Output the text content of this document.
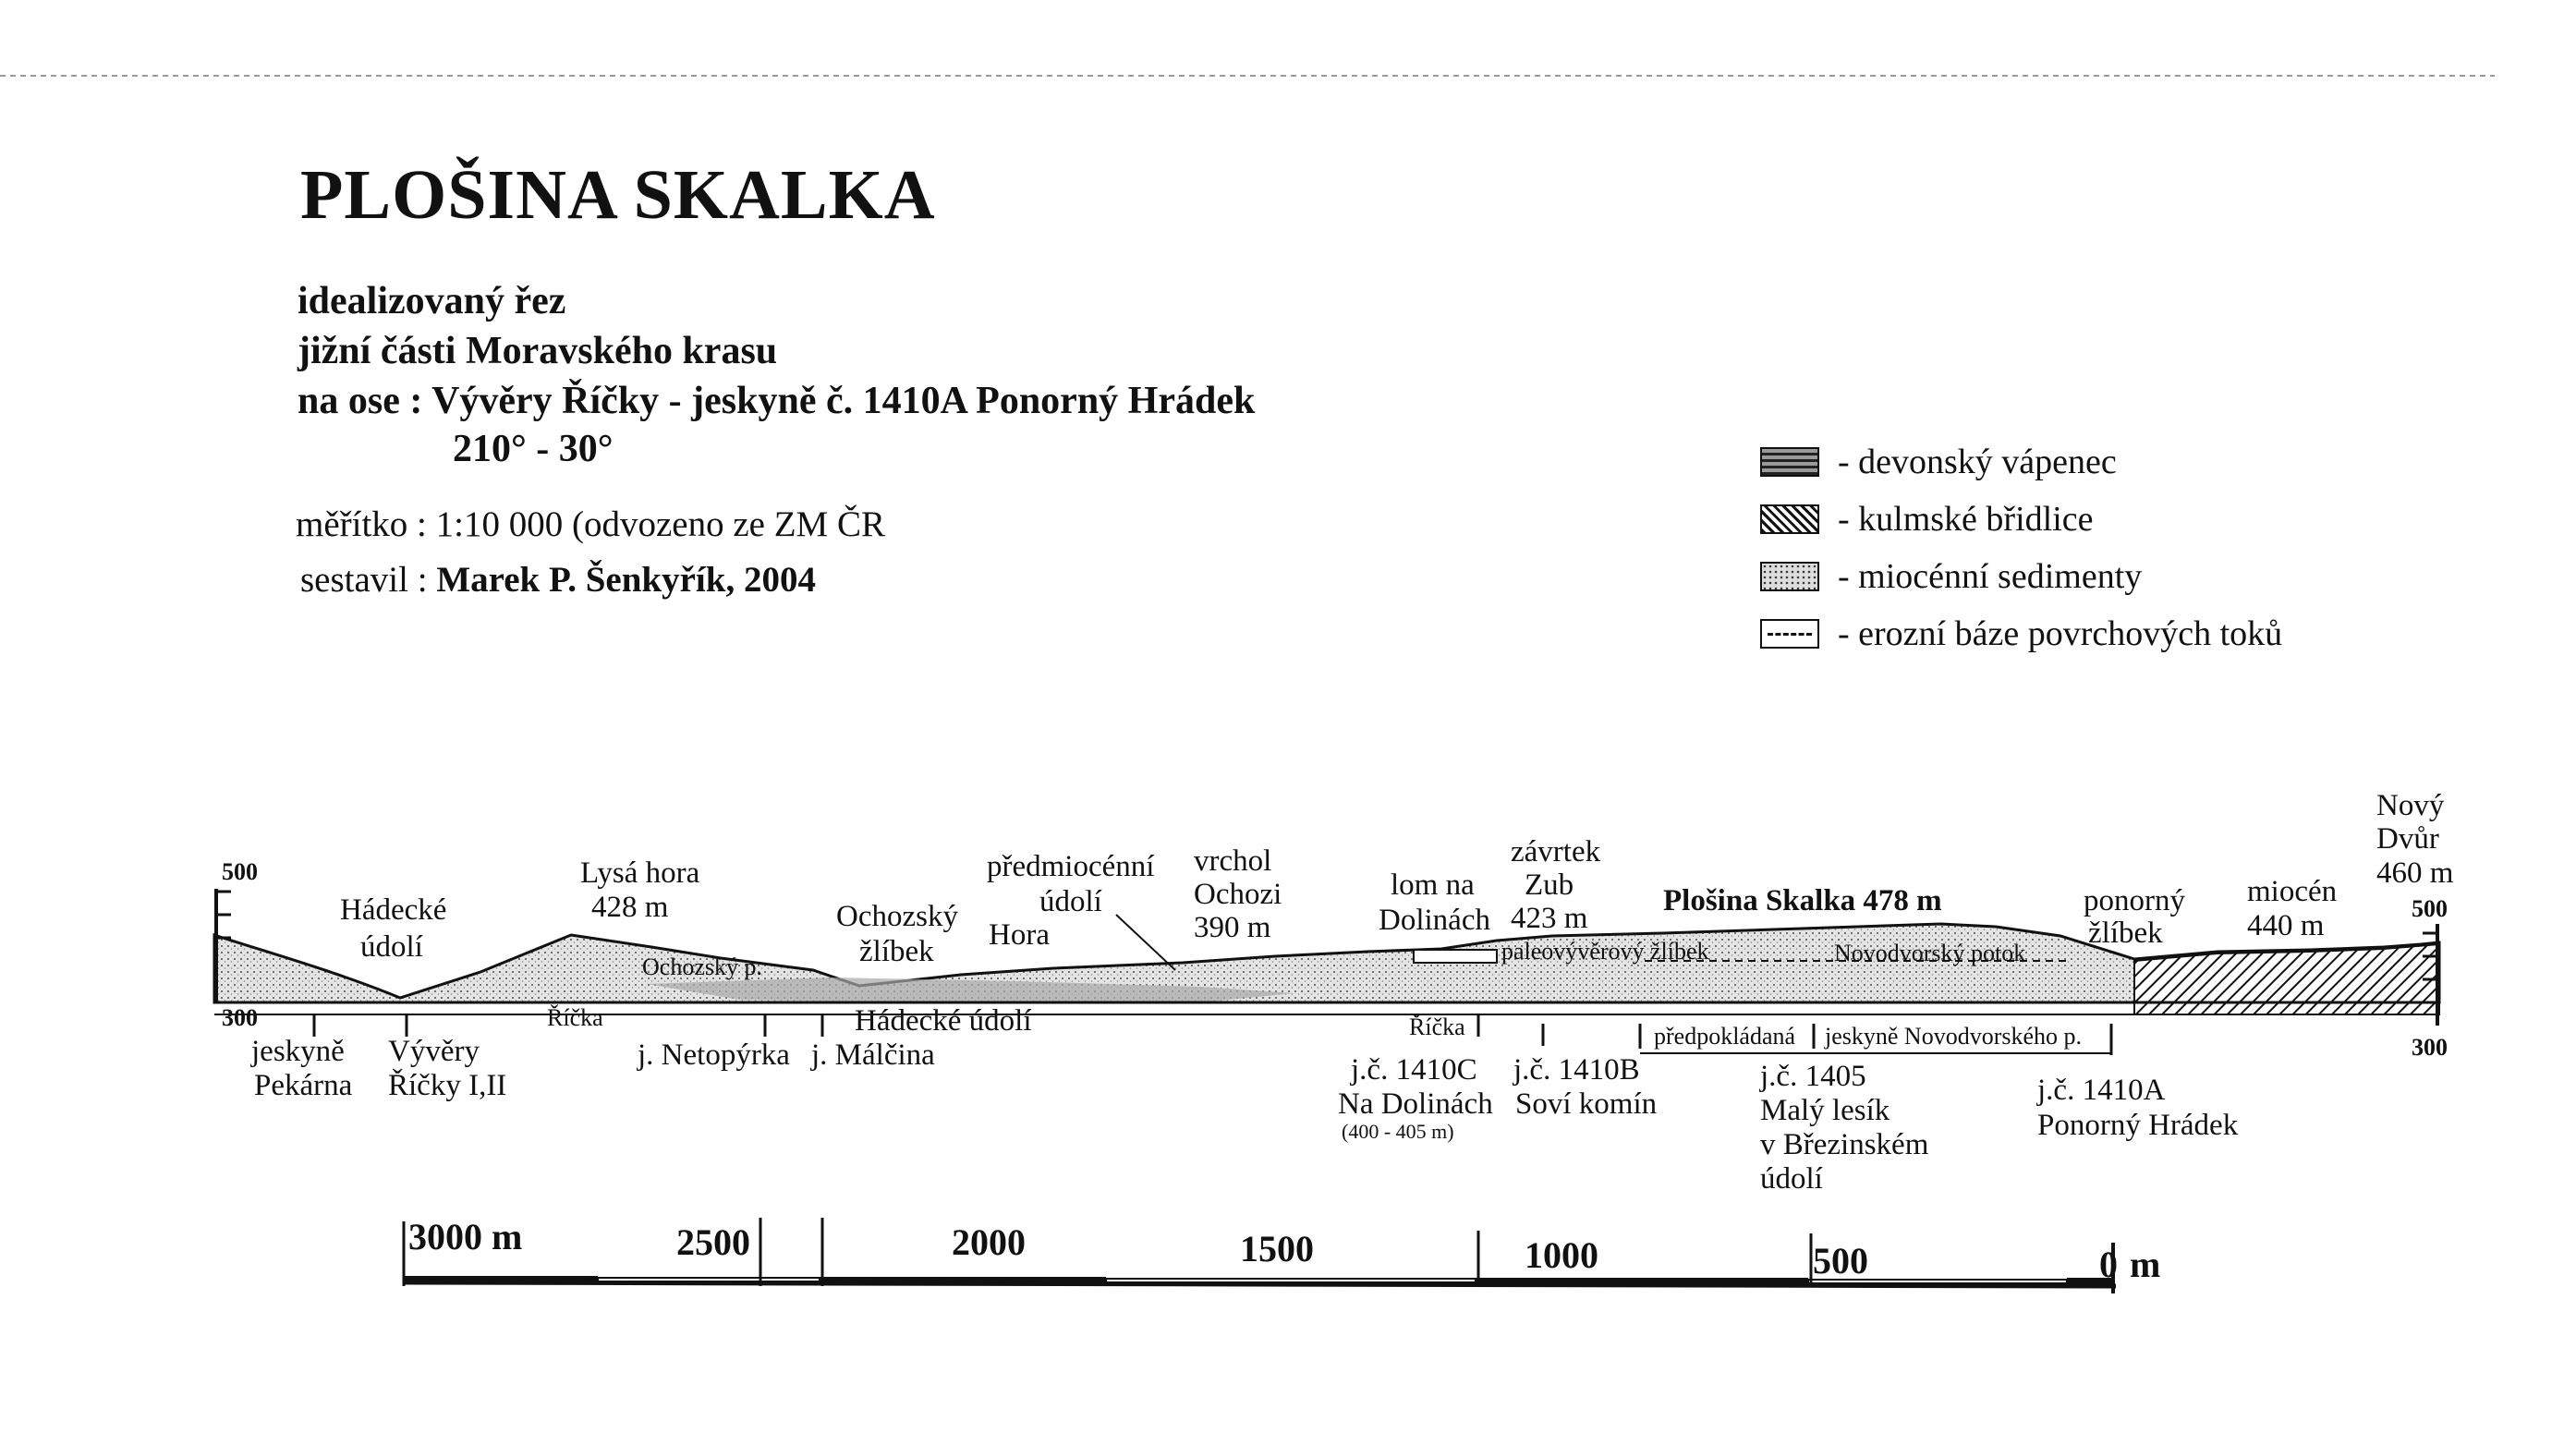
PLOŠINA SKALKA
idealizovaný řez
jižní části Moravského krasu
na ose : Vývěry Říčky - jeskyně č. 1410A Ponorný Hrádek
210° - 30°
měřítko : 1:10 000 (odvozeno ze ZM ČR
sestavil : Marek P. Šenkyřík, 2004
- devonský vápenec
- kulmské břidlice
- miocénní sedimenty
- erozní báze povrchových toků
500
300
500
300
Hádecké
údolí
Lysá hora
428 m	Ochozský
žlíbek
předmiocénní
údolí
Hora
vrchol
Ochozi
390 m
lom na
Dolinách
závrtek
Zub
423 m
Plošina Skalka 478 m	ponorný
žlíbek
miocén
440 m
Nový
Dvůr
460 m
Ochozský p.
paleovývěrový žlíbek	Novodvorský potok
Říčka	Hádecké údolí	Říčka	předpokládaná jeskyně Novodvorského p.
jeskyně
Pekárna
Vývěry
Říčky I,II
j. Netopýrka j. Málčina	j.č. 1410C
Na Dolinách
(400 - 405 m)
j.č. 1410B
Soví komín
j.č. 1405
Malý lesík
v Březinském
údolí
j.č. 1410A
Ponorný Hrádek
3000 m	2500	2000	1500	1000	500	0 m
